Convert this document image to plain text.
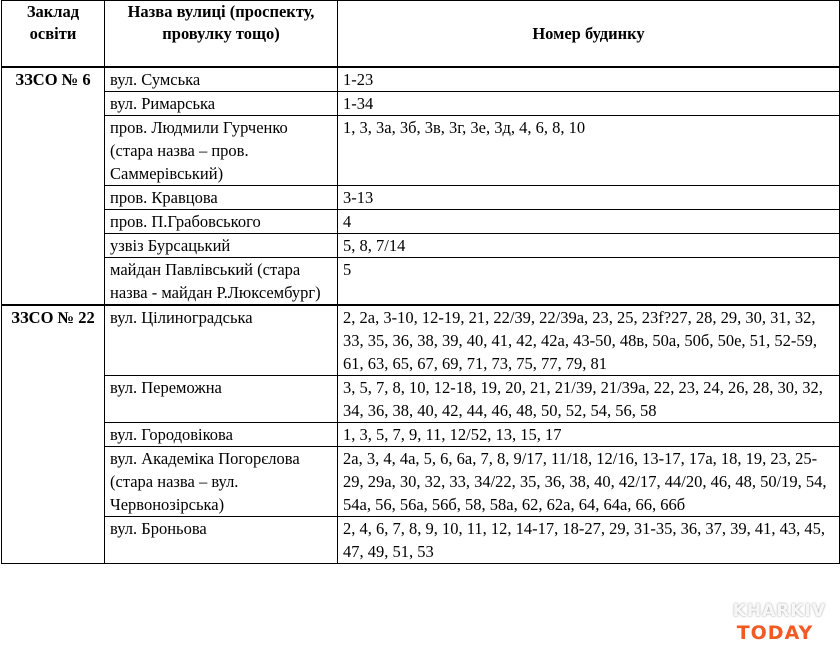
Заклад освіти	Назва вулиці (проспекту, провулку тощо)	Номер будинку
ЗЗСО № 6	вул. Сумська	1-23
	вул. Римарська	1-34
	пров. Людмили Гурченко (стара назва – пров. Саммерівський)	1, 3, 3а, 3б, 3в, 3г, 3е, 3д, 4, 6, 8, 10
	пров. Кравцова	3-13
	пров. П.Грабовського	4
	узвіз Бурсацький	5, 8, 7/14
	майдан Павлівський (стара назва - майдан Р.Люксембург)	5
ЗЗСО № 22	вул. Цілиноградська	2, 2а, 3-10, 12-19, 21, 22/39, 22/39а, 23, 25, 23f?27, 28, 29, 30, 31, 32, 33, 35, 36, 38, 39, 40, 41, 42, 42а, 43-50, 48в, 50а, 50б, 50е, 51, 52-59, 61, 63, 65, 67, 69, 71, 73, 75, 77, 79, 81
	вул. Переможна	3, 5, 7, 8, 10, 12-18, 19, 20, 21, 21/39, 21/39а, 22, 23, 24, 26, 28, 30, 32, 34, 36, 38, 40, 42, 44, 46, 48, 50, 52, 54, 56, 58
	вул. Городовікова	1, 3, 5, 7, 9, 11, 12/52, 13, 15, 17
	вул. Академіка Погорєлова (стара назва – вул. Червонозірська)	2а, 3, 4, 4а, 5, 6, 6а, 7, 8, 9/17, 11/18, 12/16, 13-17, 17а, 18, 19, 23, 25-29, 29а, 30, 32, 33, 34/22, 35, 36, 38, 40, 42/17, 44/20, 46, 48, 50/19, 54, 54а, 56, 56а, 56б, 58, 58а, 62, 62а, 64, 64а, 66, 66б
	вул. Броньова	2, 4, 6, 7, 8, 9, 10, 11, 12, 14-17, 18-27, 29, 31-35, 36, 37, 39, 41, 43, 45, 47, 49, 51, 53
KHARKIV
TODAY
